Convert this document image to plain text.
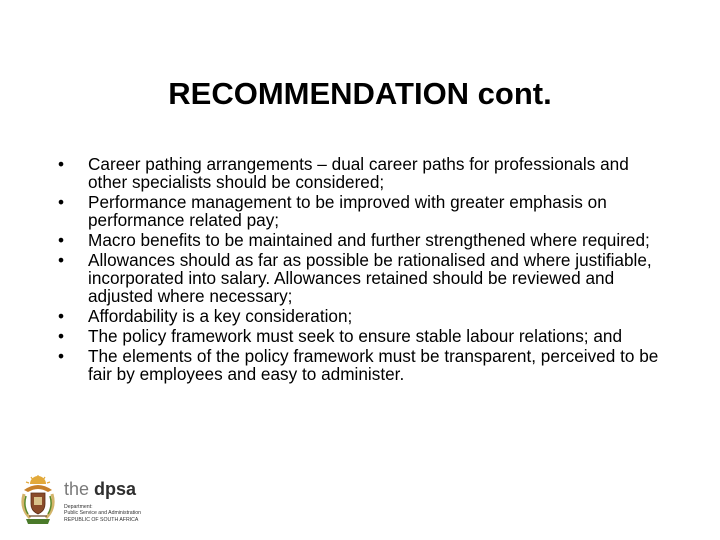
RECOMMENDATION cont.
•	Career pathing arrangements – dual career paths for professionals and other specialists should be considered;
•	Performance management to be improved with greater emphasis on performance related pay;
•	Macro benefits to be maintained and further strengthened where required;
•	Allowances should as far as possible be rationalised and where justifiable, incorporated into salary. Allowances retained should be reviewed and adjusted where necessary;
•	Affordability is a key consideration;
•	The policy framework must seek to ensure stable labour relations; and
•	The elements of the policy framework must be transparent, perceived to be fair by employees and easy to administer.
the dpsa
Department:
Public Service and Administration
REPUBLIC OF SOUTH AFRICA
